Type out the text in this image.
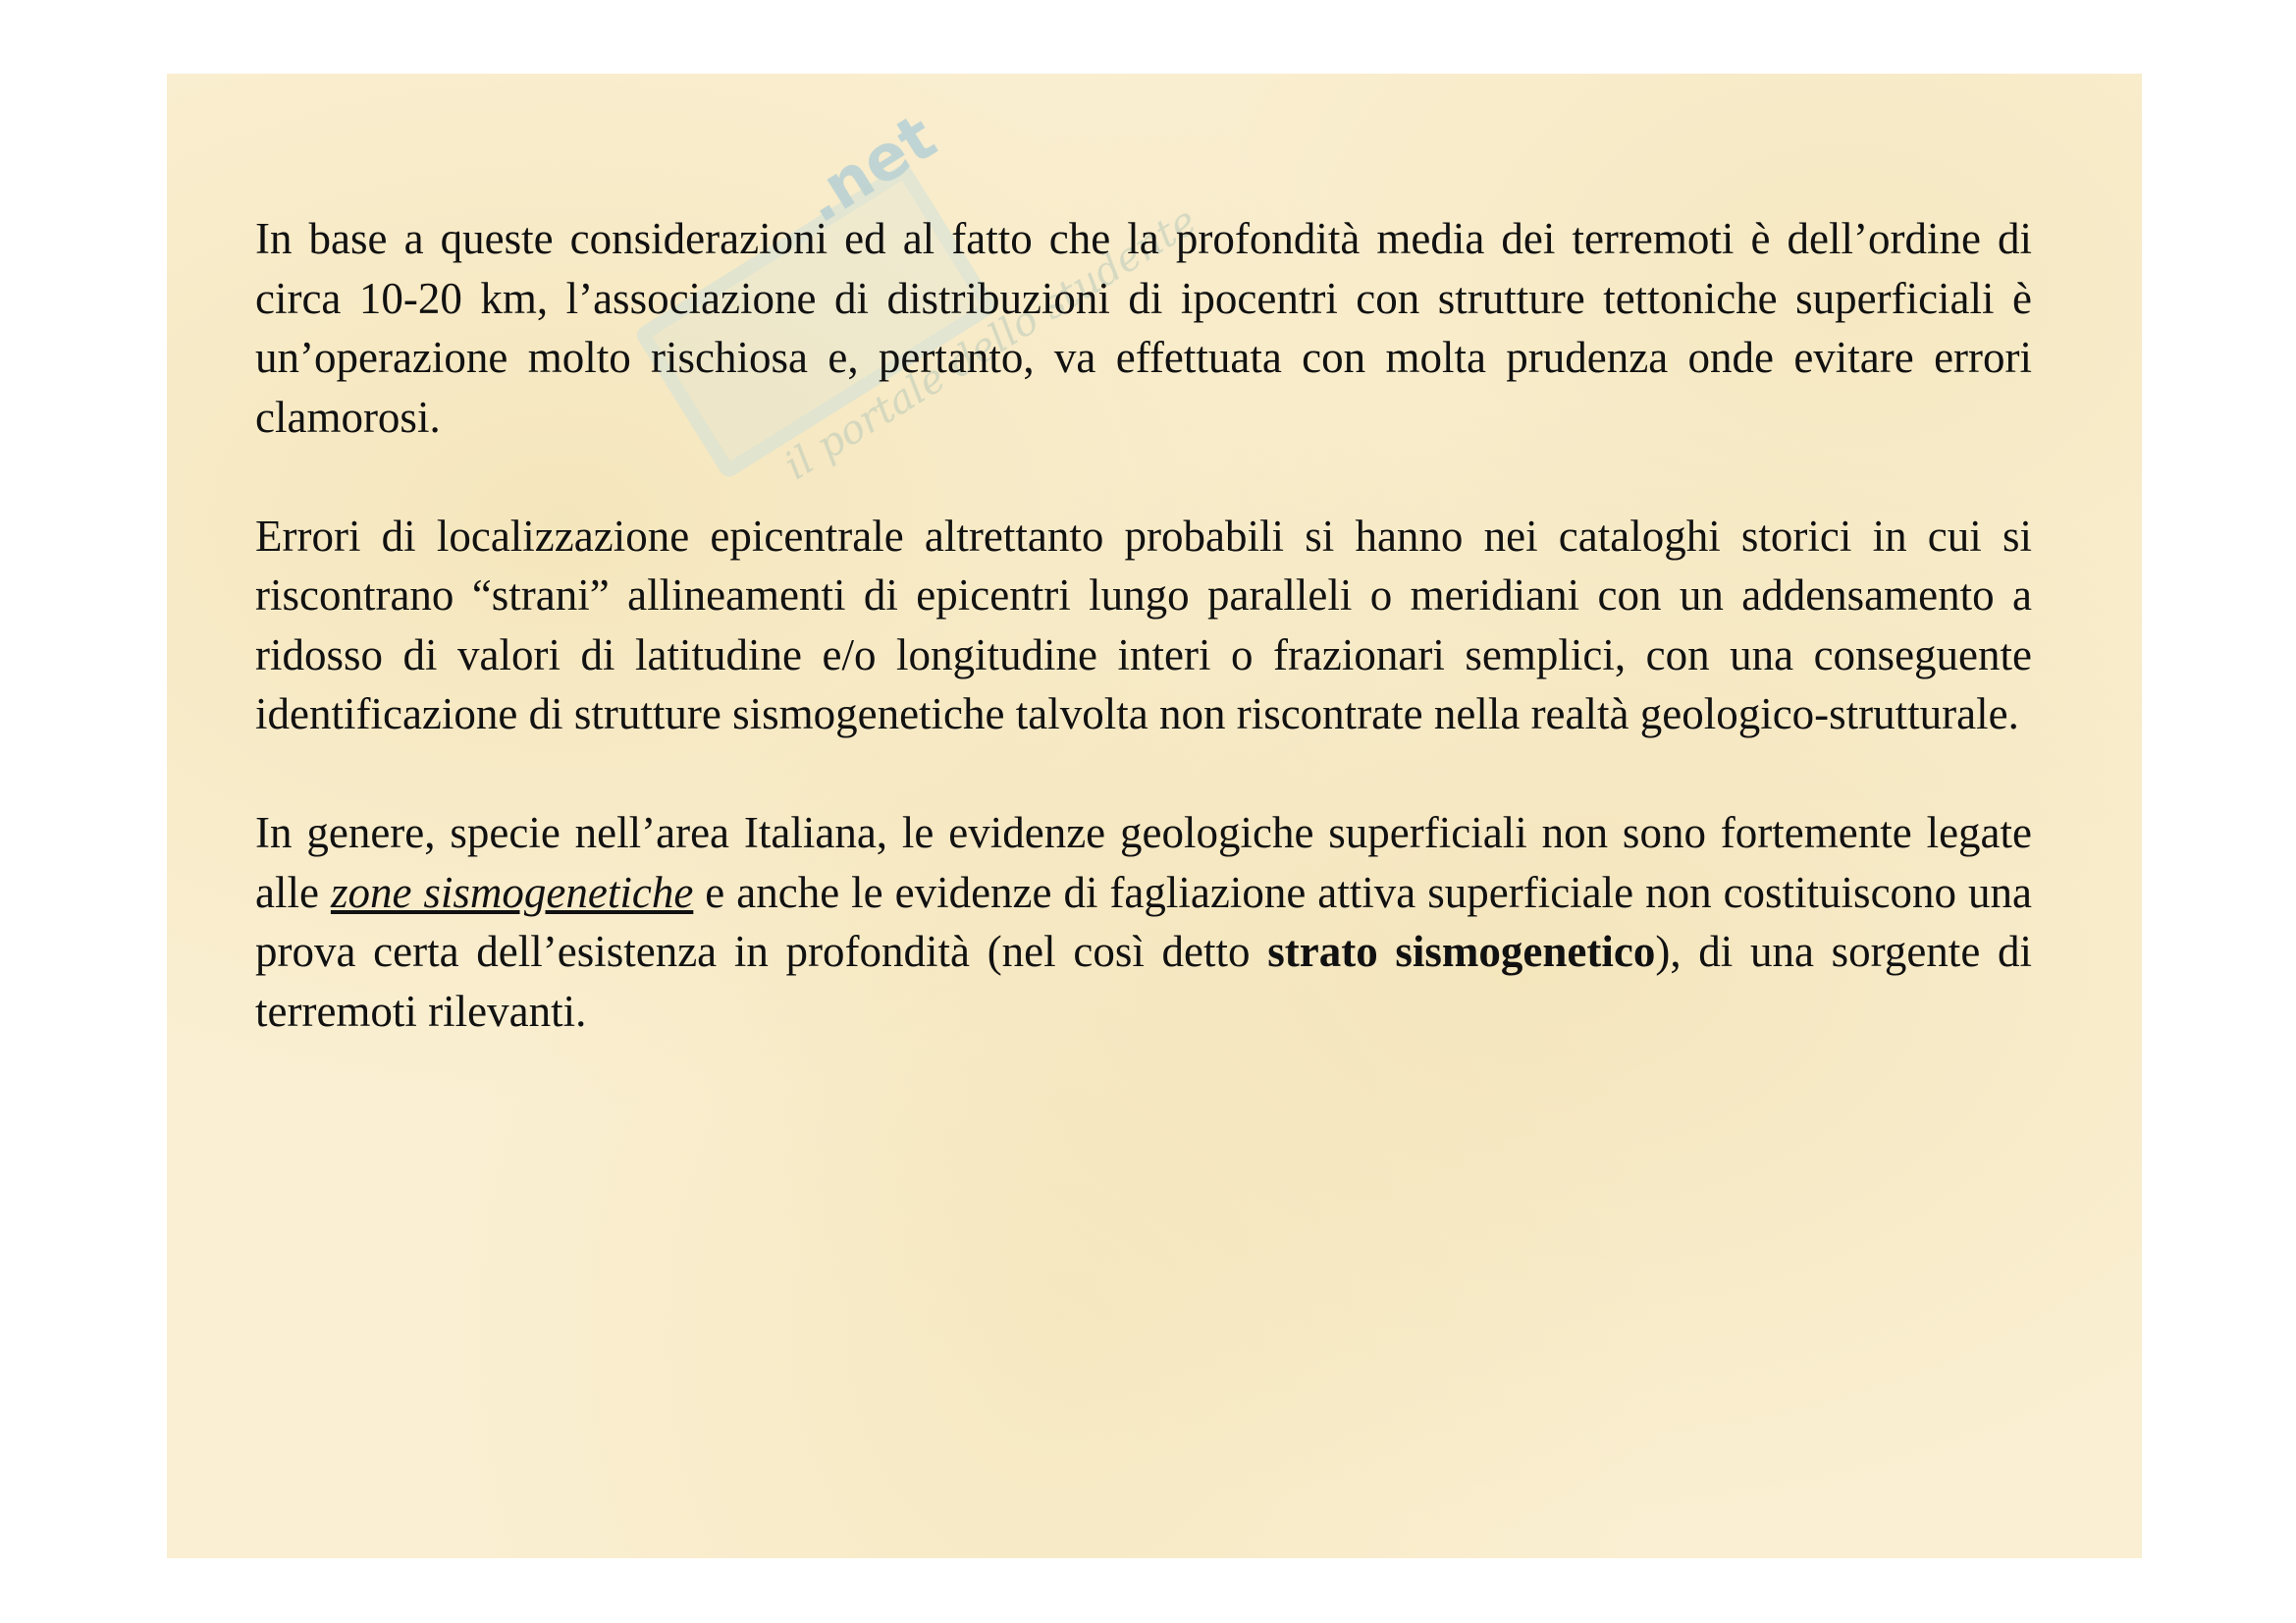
.net
il portale dello studente

In base a queste considerazioni ed al fatto che la profondità media dei terremoti è dell’ordine di circa 10-20 km, l’associazione di distribuzioni di ipocentri con strutture tettoniche superficiali è un’operazione molto rischiosa e, pertanto, va effettuata con molta prudenza onde evitare errori clamorosi.

Errori di localizzazione epicentrale altrettanto probabili si hanno nei cataloghi storici in cui si riscontrano “strani” allineamenti di epicentri lungo paralleli o meridiani con un addensamento a ridosso di valori di latitudine e/o longitudine interi o frazionari semplici, con una conseguente identificazione di strutture sismogenetiche talvolta non riscontrate nella realtà geologico-strutturale.

In genere, specie nell’area Italiana, le evidenze geologiche superficiali non sono fortemente legate alle zone sismogenetiche e anche le evidenze di fagliazione attiva superficiale non costituiscono una prova certa dell’esistenza in profondità (nel così detto strato sismogenetico), di una sorgente di terremoti rilevanti.
